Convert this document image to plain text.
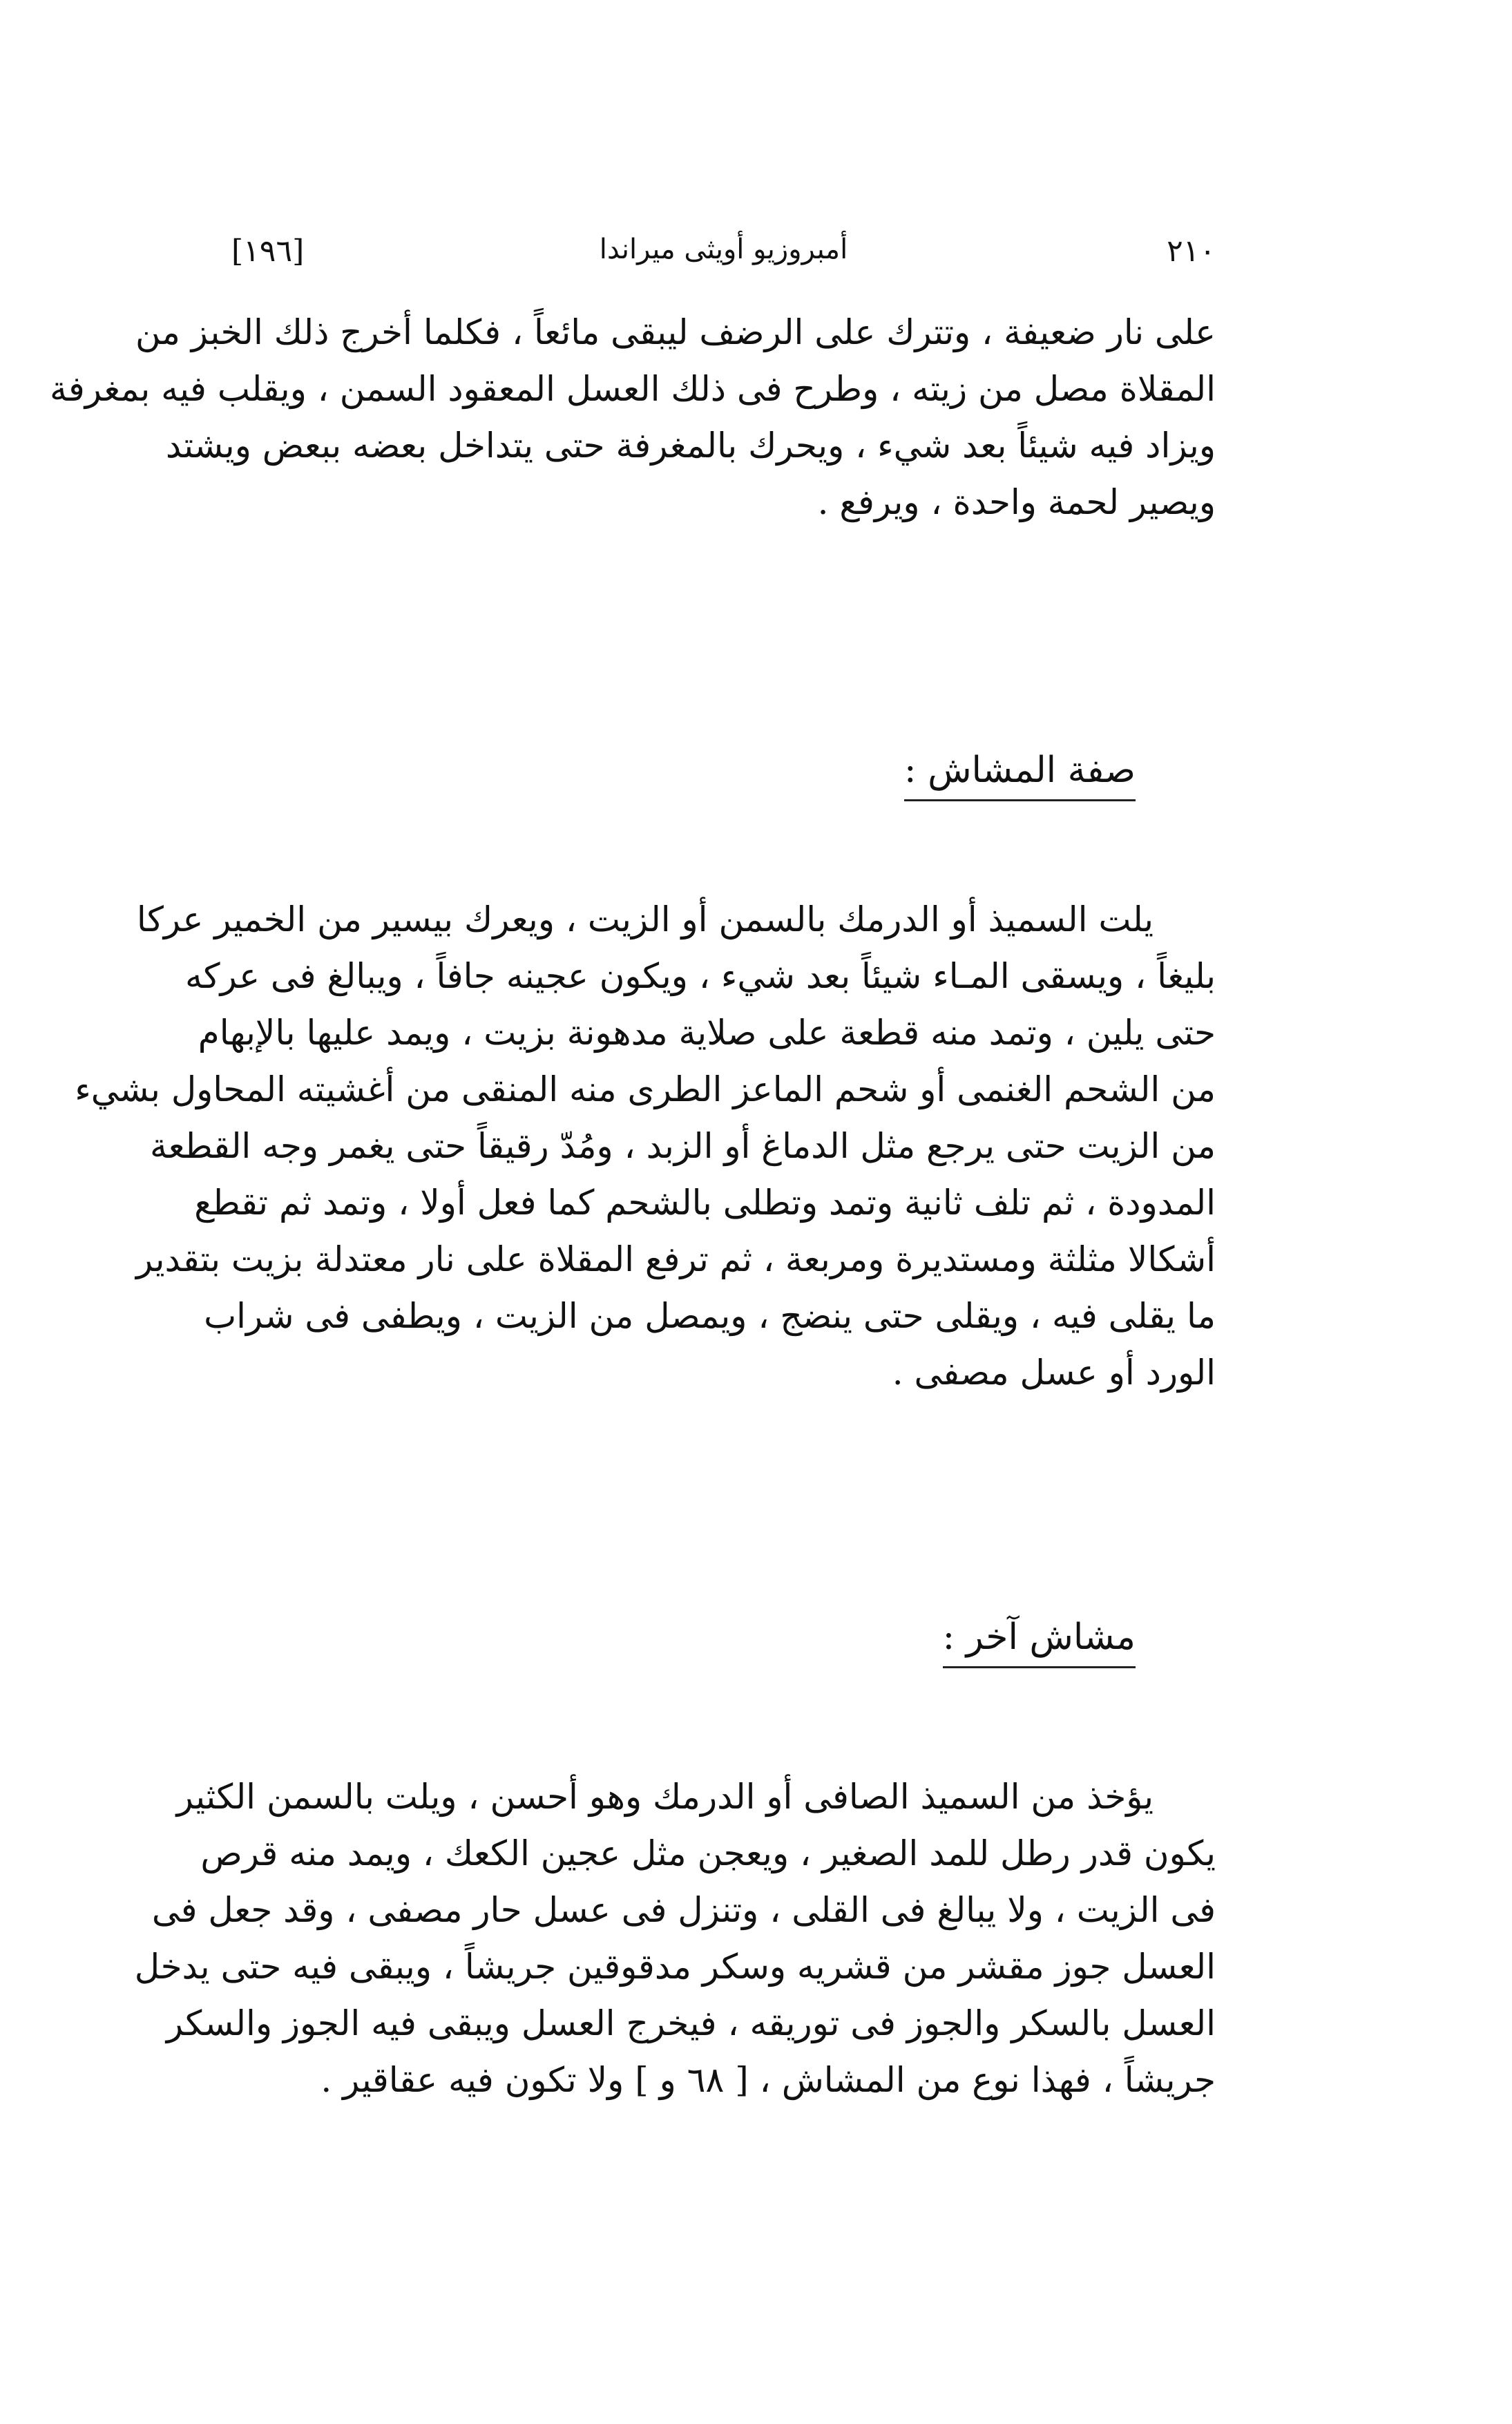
[١٩٦]	أمبروزيو أويثى ميراندا	٢١٠
على نار ضعيفة ، وتترك على الرضف ليبقى مائعاً ، فكلما أخرج ذلك الخبز من
المقلاة مصل من زيته ، وطرح فى ذلك العسل المعقود السمن ، ويقلب فيه بمغرفة
ويزاد فيه شيئاً بعد شيء ، ويحرك بالمغرفة حتى يتداخل بعضه ببعض ويشتد
ويصير لحمة واحدة ، ويرفع .
صفة المشاش :
يلت السميذ أو الدرمك بالسمن أو الزيت ، ويعرك بيسير من الخمير عركا
بليغاً ، ويسقى المـاء شيئاً بعد شيء ، ويكون عجينه جافاً ، ويبالغ فى عركه
حتى يلين ، وتمد منه قطعة على صلاية مدهونة بزيت ، ويمد عليها بالإبهام
من الشحم الغنمى أو شحم الماعز الطرى منه المنقى من أغشيته المحاول بشيء
من الزيت حتى يرجع مثل الدماغ أو الزبد ، ومُدّ رقيقاً حتى يغمر وجه القطعة
المدودة ، ثم تلف ثانية وتمد وتطلى بالشحم كما فعل أولا ، وتمد ثم تقطع
أشكالا مثلثة ومستديرة ومربعة ، ثم ترفع المقلاة على نار معتدلة بزيت بتقدير
ما يقلى فيه ، ويقلى حتى ينضج ، ويمصل من الزيت ، ويطفى فى شراب
الورد أو عسل مصفى .
مشاش آخر :
يؤخذ من السميذ الصافى أو الدرمك وهو أحسن ، ويلت بالسمن الكثير
يكون قدر رطل للمد الصغير ، ويعجن مثل عجين الكعك ، ويمد منه قرص
فى الزيت ، ولا يبالغ فى القلى ، وتنزل فى عسل حار مصفى ، وقد جعل فى
العسل جوز مقشر من قشريه وسكر مدقوقين جريشاً ، ويبقى فيه حتى يدخل
العسل بالسكر والجوز فى توريقه ، فيخرج العسل ويبقى فيه الجوز والسكر
جريشاً ، فهذا نوع من المشاش ، [ ٦٨ و ] ولا تكون فيه عقاقير .
